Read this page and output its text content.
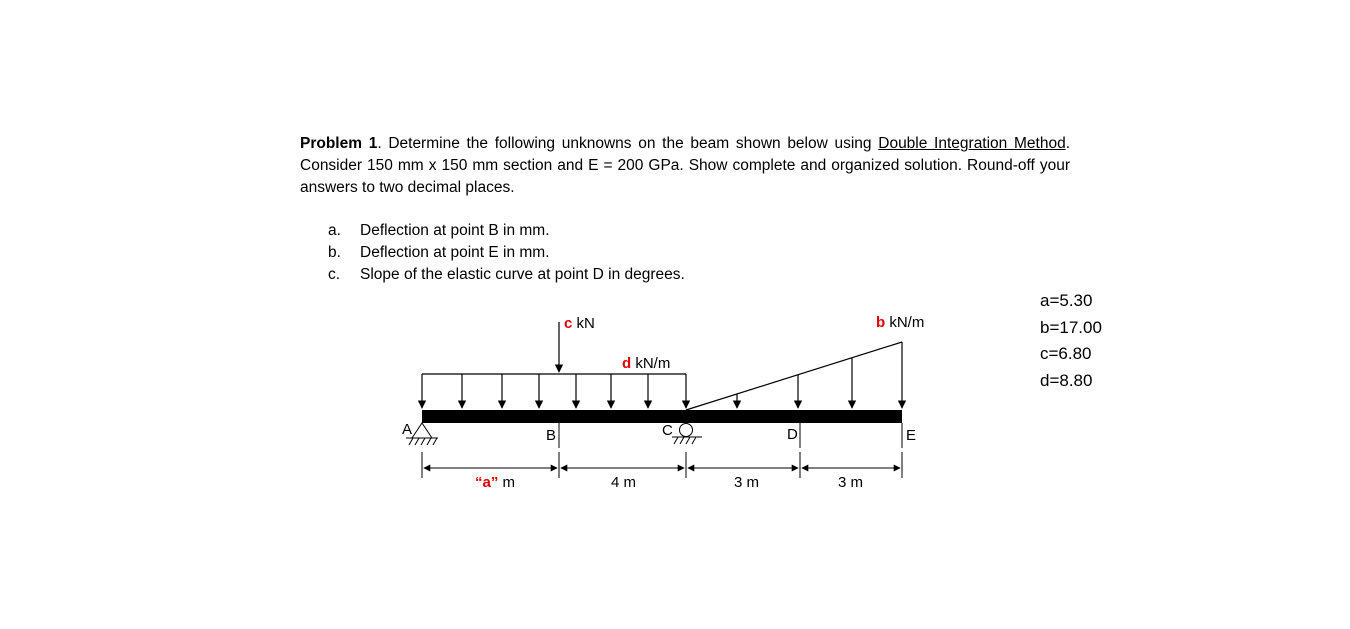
Problem 1. Determine the following unknowns on the beam shown below using Double Integration Method. Consider 150 mm x 150 mm section and E = 200 GPa. Show complete and organized solution. Round-off your answers to two decimal places.
a.	Deflection at point B in mm.
b.	Deflection at point E in mm.
c.	Slope of the elastic curve at point D in degrees.
a=5.30
b=17.00
c=6.80
d=8.80
A	B	C	D	E
c kN
d kN/m
b kN/m
“a” m	4 m	3 m	3 m
